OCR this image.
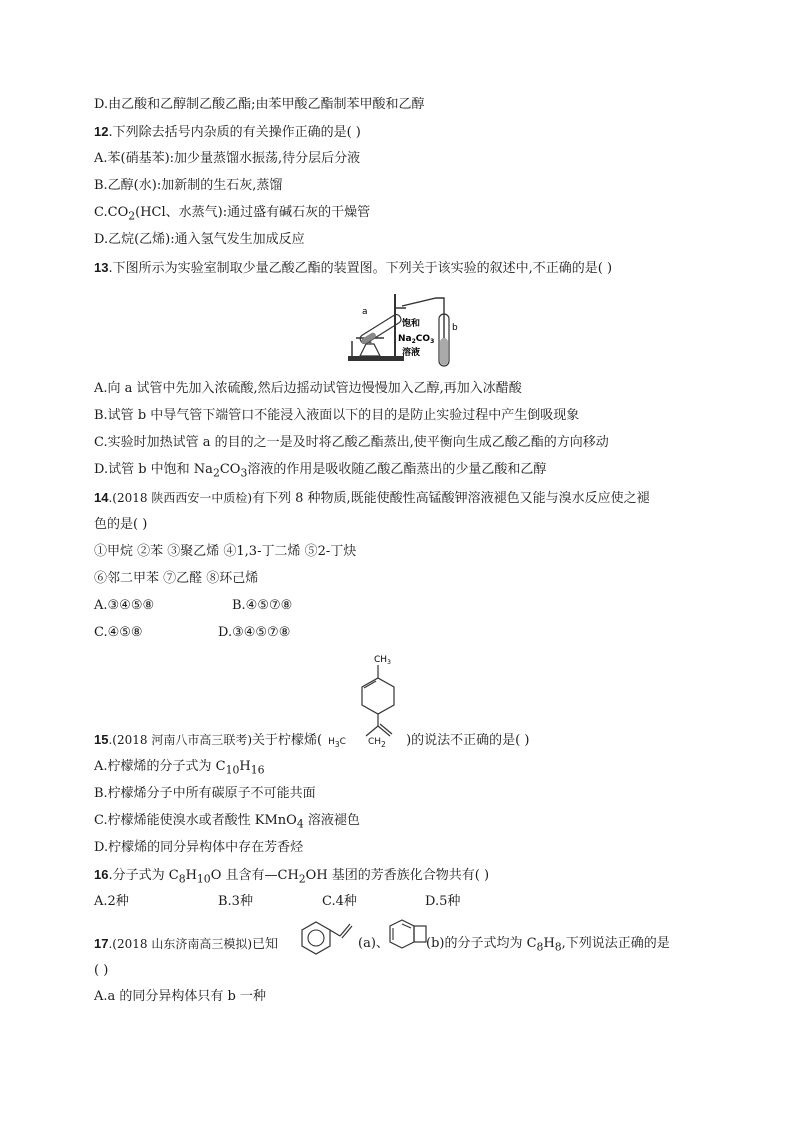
D.由乙酸和乙醇制乙酸乙酯;由苯甲酸乙酯制苯甲酸和乙醇
12.下列除去括号内杂质的有关操作正确的是( )
A.苯(硝基苯):加少量蒸馏水振荡,待分层后分液
B.乙醇(水):加新制的生石灰,蒸馏
$C.CO_2(HCl$、水蒸气):通过盛有碱石灰的干燥管
D.乙烷(乙烯):通入氢气发生加成反应
13.下图所示为实验室制取少量乙酸乙酯的装置图。下列关于该实验的叙述中,不正确的是( )
a
b
饱和
$Na_2CO_3$
溶液
A.向 a 试管中先加入浓硫酸,然后边摇动试管边慢慢加入乙醇,再加入冰醋酸
B.试管 b 中导气管下端管口不能浸入液面以下的目的是防止实验过程中产生倒吸现象
C.实验时加热试管 a 的目的之一是及时将乙酸乙酯蒸出,使平衡向生成乙酸乙酯的方向移动
D.试管 b 中饱和 $Na_2CO_3$溶液的作用是吸收随乙酸乙酯蒸出的少量乙酸和乙醇
14.(2018 陕西西安一中质检)有下列 8 种物质,既能使酸性高锰酸钾溶液褪色又能与溴水反应使之褪
色的是( )
①甲烷 ②苯 ③聚乙烯 ④1,3-丁二烯 ⑤2-丁炔
⑥邻二甲苯 ⑦乙醛 ⑧环己烯
A.③④⑤⑧	B.④⑤⑦⑧
C.④⑤⑧	D.③④⑤⑦⑧
$CH_3$
15.(2018 河南八市高三联考)关于柠檬烯( $H_3C$ $CH_2$ )的说法不正确的是( )
A.柠檬烯的分子式为 $C_{10}H_{16}$
B.柠檬烯分子中所有碳原子不可能共面
C.柠檬烯能使溴水或者酸性 KMnO$_4$ 溶液褪色
D.柠檬烯的同分异构体中存在芳香烃
16.分子式为 $C_8H_{10}O$ 且含有$—CH_2OH$ 基团的芳香族化合物共有( )
A.2种	B.3种	C.4种	D.5种
17.(2018 山东济南高三模拟)已知	(a)、	(b)的分子式均为 $C_8H_8$,下列说法正确的是
( )
A.a 的同分异构体只有 b 一种
